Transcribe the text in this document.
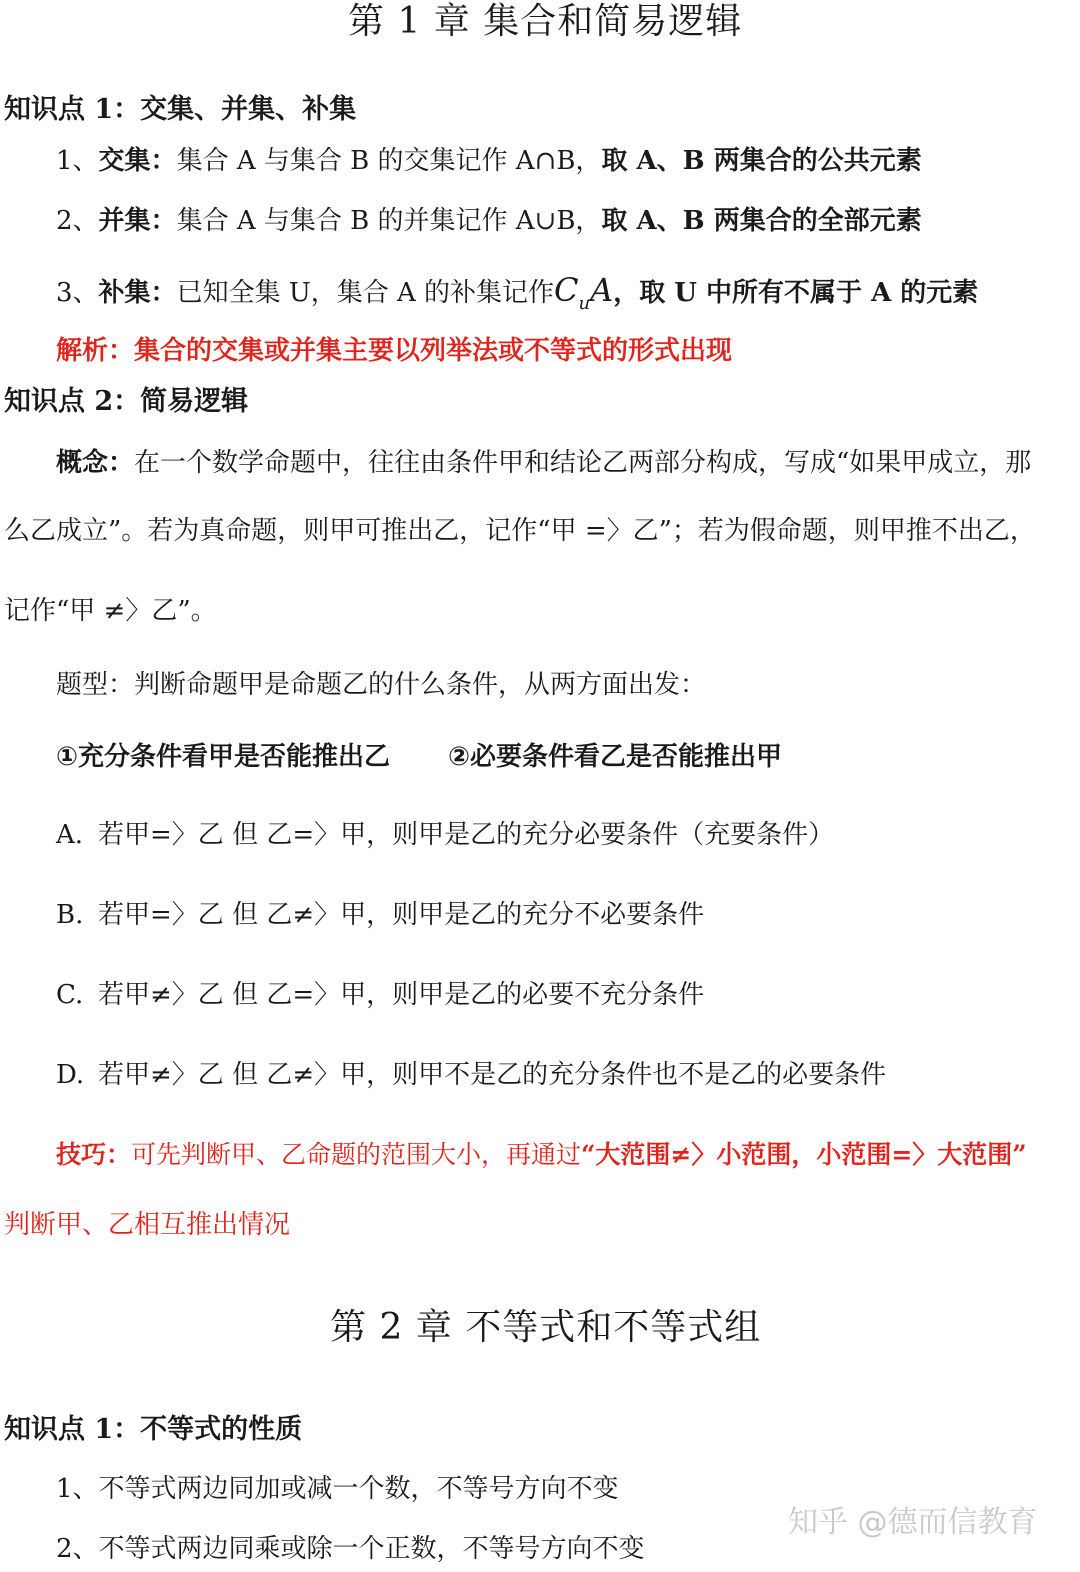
第 1 章 集合和简易逻辑
知识点 1：交集、并集、补集
1、交集：集合 A 与集合 B 的交集记作 A∩B，取 A、B 两集合的公共元素
2、并集：集合 A 与集合 B 的并集记作 A∪B，取 A、B 两集合的全部元素
3、补集：已知全集 U，集合 A 的补集记作$C_uA$，取 U 中所有不属于 A 的元素
解析：集合的交集或并集主要以列举法或不等式的形式出现
知识点 2：简易逻辑
概念：在一个数学命题中，往往由条件甲和结论乙两部分构成，写成“如果甲成立，那
么乙成立”。若为真命题，则甲可推出乙，记作“甲 =〉乙”；若为假命题，则甲推不出乙，
记作“甲 ≠〉乙”。
题型：判断命题甲是命题乙的什么条件，从两方面出发：
①充分条件看甲是否能推出乙 ②必要条件看乙是否能推出甲
A. 若甲=〉乙 但 乙=〉甲，则甲是乙的充分必要条件（充要条件）
B. 若甲=〉乙 但 乙≠〉甲，则甲是乙的充分不必要条件
C. 若甲≠〉乙 但 乙=〉甲，则甲是乙的必要不充分条件
D. 若甲≠〉乙 但 乙≠〉甲，则甲不是乙的充分条件也不是乙的必要条件
技巧：可先判断甲、乙命题的范围大小，再通过“大范围≠〉小范围，小范围=〉大范围”
判断甲、乙相互推出情况
第 2 章 不等式和不等式组
知识点 1：不等式的性质
1、不等式两边同加或减一个数，不等号方向不变
2、不等式两边同乘或除一个正数，不等号方向不变
知乎 @德而信教育
